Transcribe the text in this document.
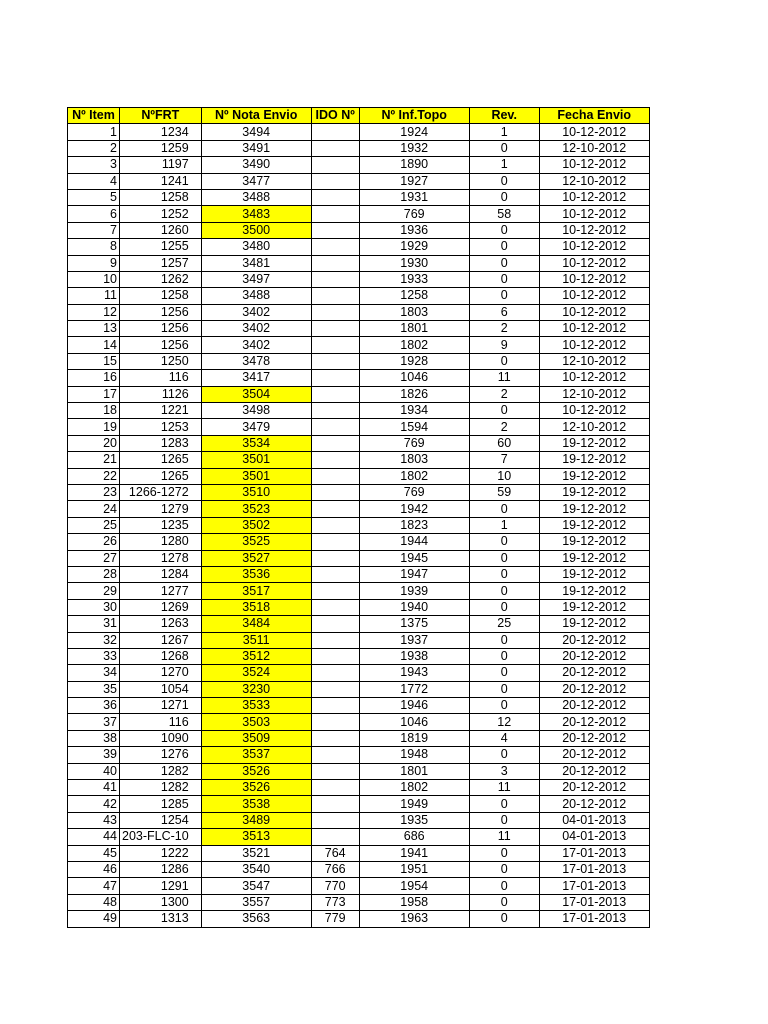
Nº Item	NºFRT	Nº Nota Envio	IDO Nº	Nº Inf.Topo	Rev.	Fecha Envio
1	1234	3494		1924	1	10-12-2012
2	1259	3491		1932	0	12-10-2012
3	1197	3490		1890	1	10-12-2012
4	1241	3477		1927	0	12-10-2012
5	1258	3488		1931	0	10-12-2012
6	1252	3483		769	58	10-12-2012
7	1260	3500		1936	0	10-12-2012
8	1255	3480		1929	0	10-12-2012
9	1257	3481		1930	0	10-12-2012
10	1262	3497		1933	0	10-12-2012
11	1258	3488		1258	0	10-12-2012
12	1256	3402		1803	6	10-12-2012
13	1256	3402		1801	2	10-12-2012
14	1256	3402		1802	9	10-12-2012
15	1250	3478		1928	0	12-10-2012
16	116	3417		1046	11	10-12-2012
17	1126	3504		1826	2	12-10-2012
18	1221	3498		1934	0	10-12-2012
19	1253	3479		1594	2	12-10-2012
20	1283	3534		769	60	19-12-2012
21	1265	3501		1803	7	19-12-2012
22	1265	3501		1802	10	19-12-2012
23	1266-1272	3510		769	59	19-12-2012
24	1279	3523		1942	0	19-12-2012
25	1235	3502		1823	1	19-12-2012
26	1280	3525		1944	0	19-12-2012
27	1278	3527		1945	0	19-12-2012
28	1284	3536		1947	0	19-12-2012
29	1277	3517		1939	0	19-12-2012
30	1269	3518		1940	0	19-12-2012
31	1263	3484		1375	25	19-12-2012
32	1267	3511		1937	0	20-12-2012
33	1268	3512		1938	0	20-12-2012
34	1270	3524		1943	0	20-12-2012
35	1054	3230		1772	0	20-12-2012
36	1271	3533		1946	0	20-12-2012
37	116	3503		1046	12	20-12-2012
38	1090	3509		1819	4	20-12-2012
39	1276	3537		1948	0	20-12-2012
40	1282	3526		1801	3	20-12-2012
41	1282	3526		1802	11	20-12-2012
42	1285	3538		1949	0	20-12-2012
43	1254	3489		1935	0	04-01-2013
44	203-FLC-10	3513		686	11	04-01-2013
45	1222	3521	764	1941	0	17-01-2013
46	1286	3540	766	1951	0	17-01-2013
47	1291	3547	770	1954	0	17-01-2013
48	1300	3557	773	1958	0	17-01-2013
49	1313	3563	779	1963	0	17-01-2013
